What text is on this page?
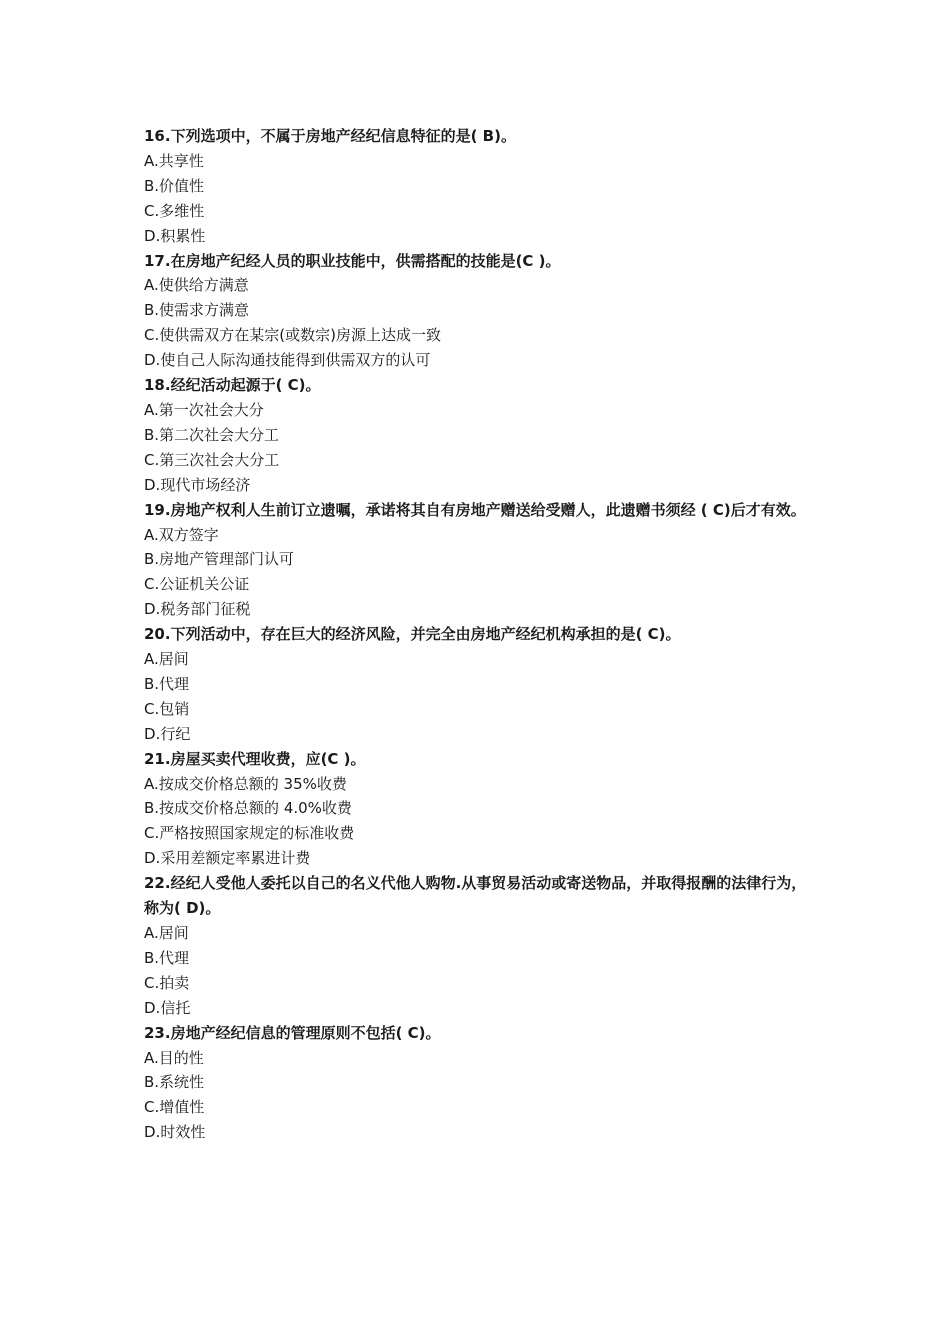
16.下列选项中，不属于房地产经纪信息特征的是( B)。

A.共享性

B.价值性

C.多维性

D.积累性

17.在房地产纪经人员的职业技能中，供需搭配的技能是(C )。

A.使供给方满意

B.使需求方满意

C.使供需双方在某宗(或数宗)房源上达成一致

D.使自己人际沟通技能得到供需双方的认可

18.经纪活动起源于( C)。

A.第一次社会大分

B.第二次社会大分工

C.第三次社会大分工

D.现代市场经济

19.房地产权利人生前订立遗嘱，承诺将其自有房地产赠送给受赠人，此遗赠书须经 ( C)后才有效。

A.双方签字

B.房地产管理部门认可

C.公证机关公证

D.税务部门征税

20.下列活动中，存在巨大的经济风险，并完全由房地产经纪机构承担的是( C)。

A.居间

B.代理

C.包销

D.行纪

21.房屋买卖代理收费，应(C )。

A.按成交价格总额的 35%收费

B.按成交价格总额的 4.0%收费

C.严格按照国家规定的标准收费

D.采用差额定率累进计费

22.经纪人受他人委托以自己的名义代他人购物.从事贸易活动或寄送物品，并取得报酬的法律行为，称为( D)。

A.居间

B.代理

C.拍卖

D.信托

23.房地产经纪信息的管理原则不包括( C)。

A.目的性

B.系统性

C.增值性

D.时效性
